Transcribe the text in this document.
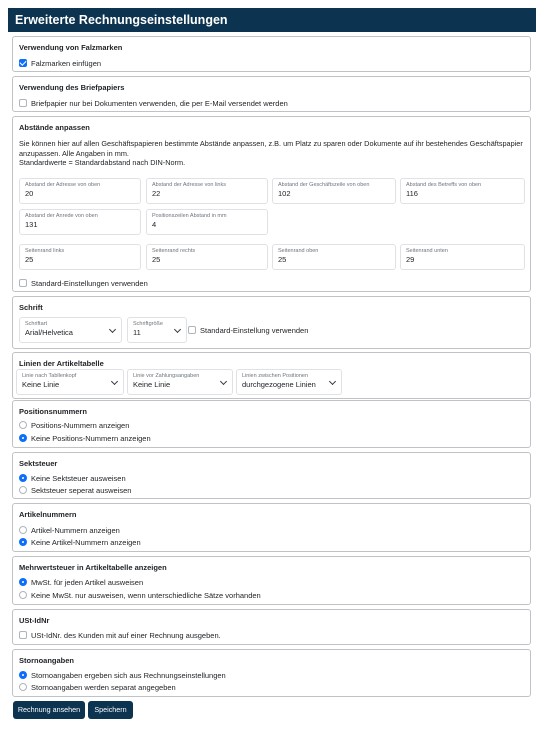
Erweiterte Rechnungseinstellungen
Verwendung von Falzmarken
Falzmarken einfügen
Verwendung des Briefpapiers
Briefpapier nur bei Dokumenten verwenden, die per E-Mail versendet werden
Abstände anpassen
Sie können hier auf allen Geschäftspapieren bestimmte Abstände anpassen, z.B. um Platz zu sparen oder Dokumente auf ihr bestehendes Geschäftspapier
anzupassen. Alle Angaben in mm.
Standardwerte = Standardabstand nach DIN-Norm.
Abstand der Adresse von oben
20
Abstand der Adresse von links
22
Abstand der Geschäftszeile von oben
102
Abstand des Betreffs von oben
116
Abstand der Anrede von oben
131
Positionszeilen Abstand in mm
4
Seitenrand links
25
Seitenrand rechts
25
Seitenrand oben
25
Seitenrand unten
29
Standard-Einstellungen verwenden
Schrift
Schriftart
Arial/Helvetica
Schriftgröße
11	Standard-Einstellung verwenden
Linien der Artikeltabelle
Linie nach Tabllenkopf
Keine Linie
Linie vor Zahlungsangaben
Keine Linie
Linien zwischen Positionen
durchgezogene Linien
Positionsnummern
Positions-Nummern anzeigen
Keine Positions-Nummern anzeigen
Sektsteuer
Keine Sektsteuer ausweisen
Sektsteuer seperat ausweisen
Artikelnummern
Artikel-Nummern anzeigen
Keine Artikel-Nummern anzeigen
Mehrwertsteuer in Artikeltabelle anzeigen
MwSt. für jeden Artikel ausweisen
Keine MwSt. nur ausweisen, wenn unterschiedliche Sätze vorhanden
USt-IdNr
USt-IdNr. des Kunden mit auf einer Rechnung ausgeben.
Stornoangaben
Stornoangaben ergeben sich aus Rechnungseinstellungen
Stornoangaben werden separat angegeben
Rechnung ansehen	Speichern
